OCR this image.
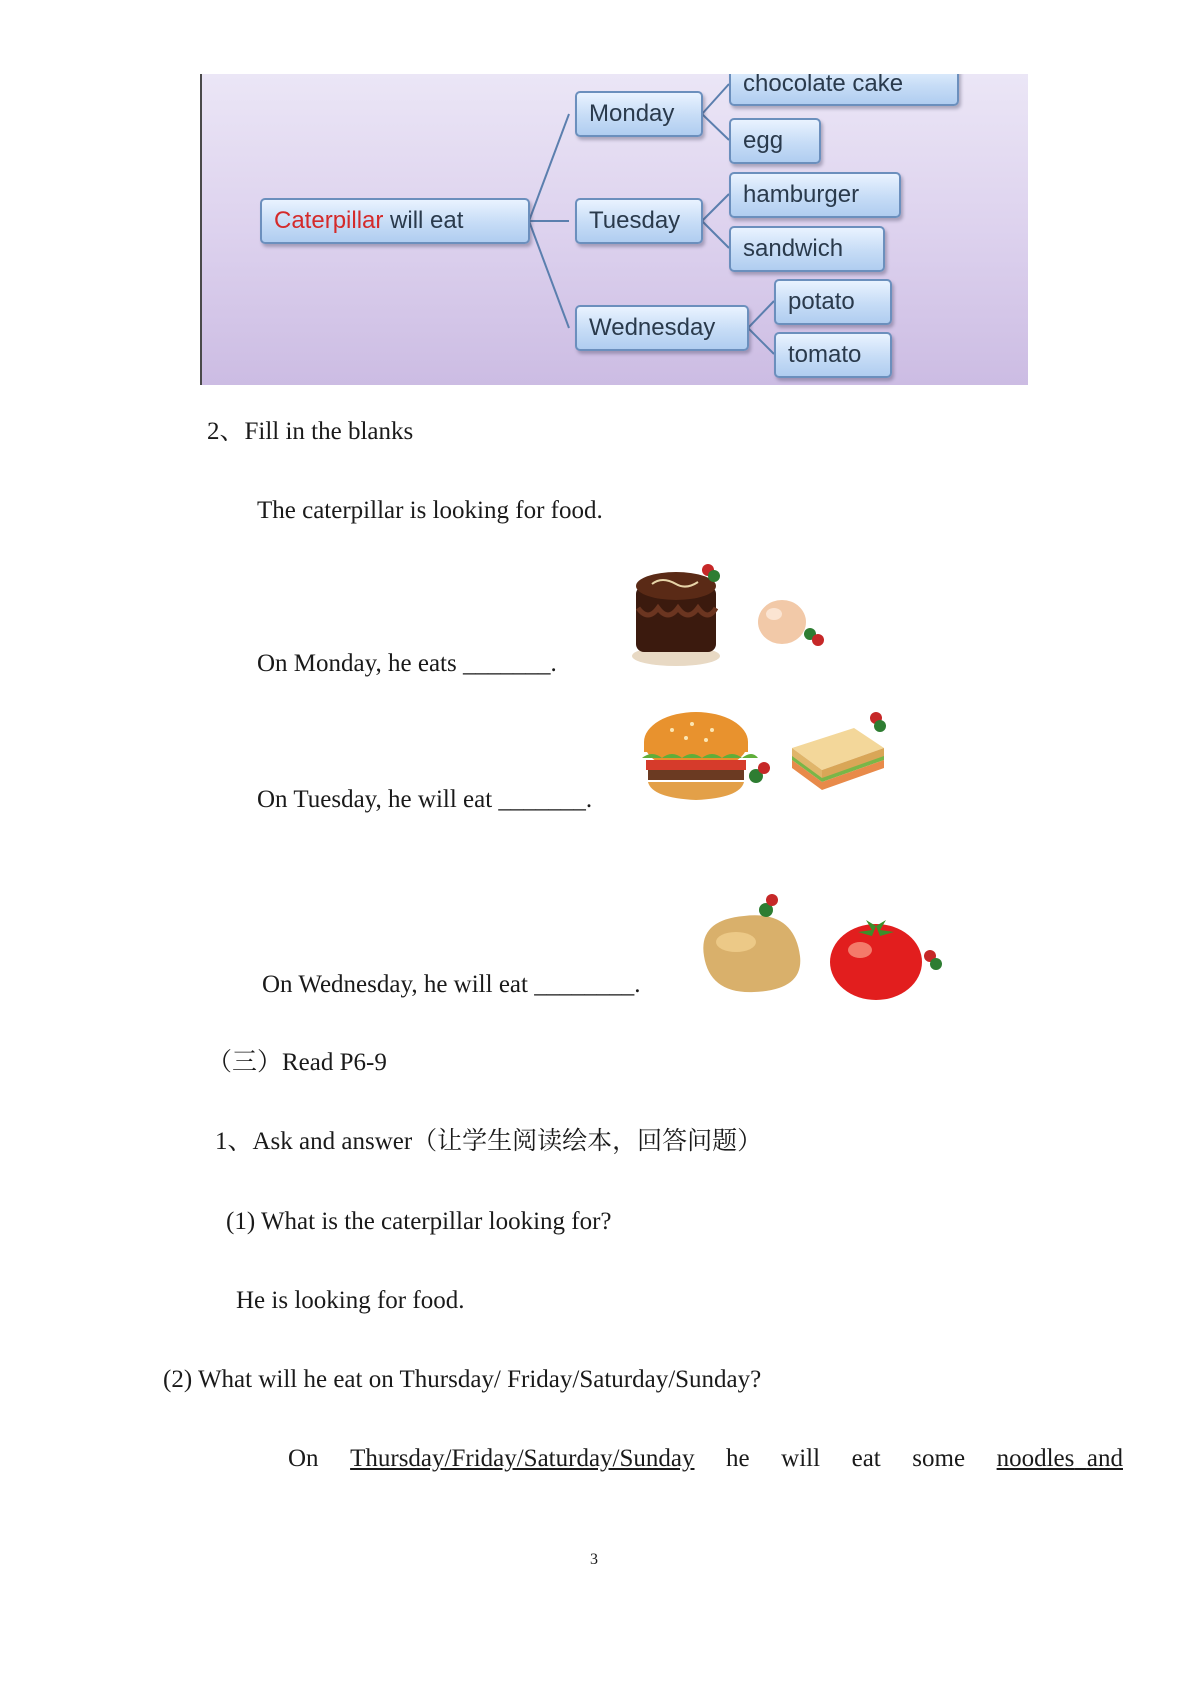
Caterpillar will eat
Monday
Tuesday
Wednesday
chocolate cake
egg
hamburger
sandwich
potato
tomato
2、Fill in the blanks
The caterpillar is looking for food.
On Monday, he eats _______.
On Tuesday, he will eat _______.
On Wednesday, he will eat ________.
（三）Read P6-9
1、Ask and answer（让学生阅读绘本，回答问题）
(1) What is the caterpillar looking for?
He is looking for food.
(2) What will he eat on Thursday/ Friday/Saturday/Sunday?
On Thursday/Friday/Saturday/Sunday he will eat some noodles and
3
